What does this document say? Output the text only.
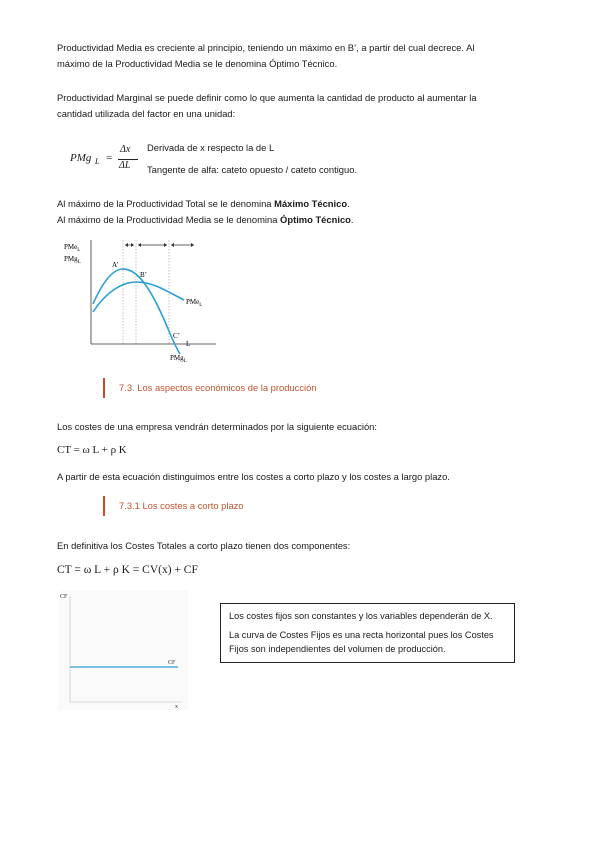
Productividad Media es creciente al principio, teniendo un máximo en B’, a partir del cual decrece. Al

máximo de la Productividad Media se le denomina Óptimo Técnico.

Productividad Marginal se puede definir como lo que aumenta la cantidad de producto al aumentar la

cantidad utilizada del factor en una unidad:

PMg L =
Δx
ΔL

Derivada de x respecto la de L

Tangente de alfa: cateto opuesto / cateto contiguo.

Al máximo de la Productividad Total se le denomina Máximo Técnico.

Al máximo de la Productividad Media se le denomina Óptimo Técnico.

PMe$_L$
PMg$_L$	A’
B’
C’
PMe$_L$
PMg$_L$
L
7.3. Los aspectos económicos de la producción

Los costes de una empresa vendrán determinados por la siguiente ecuación:

CT = ω L + ρ K

A partir de esta ecuación distinguimos entre los costes a corto plazo y los costes a largo plazo.

7.3.1 Los costes a corto plazo

En definitiva los Costes Totales a corto plazo tienen dos componentes:

CT = ω L + ρ K = CV(x) + CF

CF
CF
x

Los costes fijos son constantes y los variables dependerán de X.

La curva de Costes Fijos es una recta horizontal pues los Costes Fijos son independientes del volumen de producción.
